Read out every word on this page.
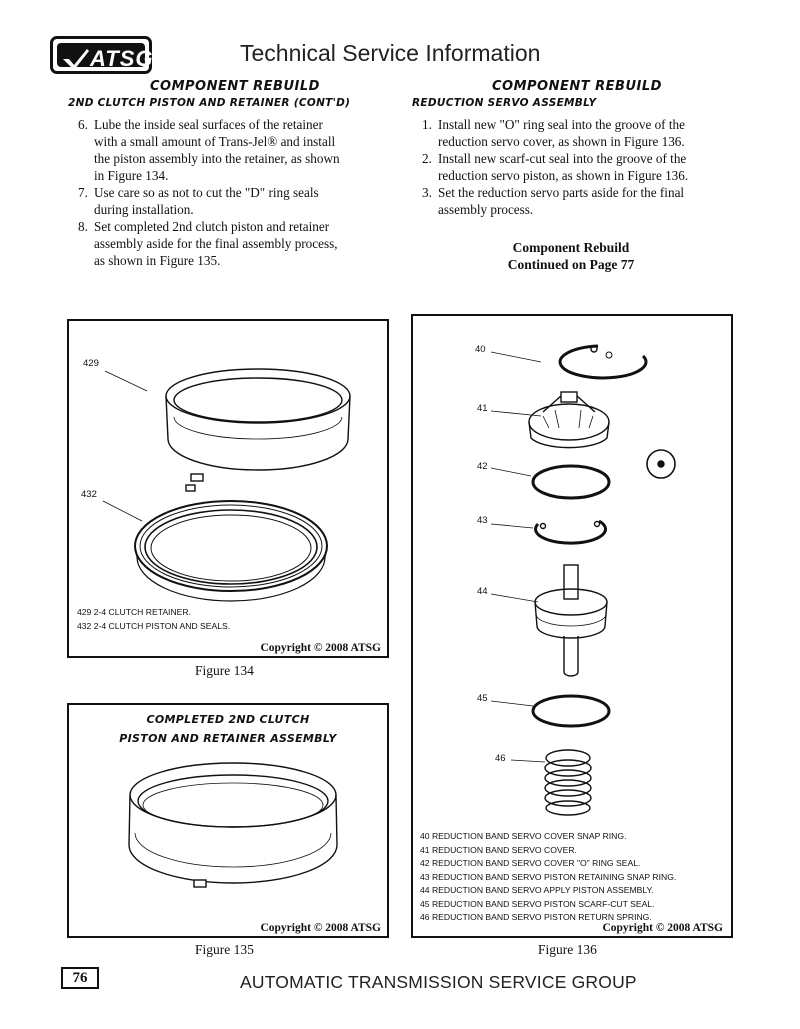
ATSG	Technical Service Information
COMPONENT REBUILD
2ND CLUTCH PISTON AND RETAINER (CONT'D)
6. Lube the inside seal surfaces of the retainer
with a small amount of Trans-Jel® and install
the piston assembly into the retainer, as shown
in Figure 134.
7. Use care so as not to cut the "D" ring seals
during installation.
8. Set completed 2nd clutch piston and retainer
assembly aside for the final assembly process,
as shown in Figure 135.
COMPONENT REBUILD
REDUCTION SERVO ASSEMBLY
1. Install new "O" ring seal into the groove of the
reduction servo cover, as shown in Figure 136.
2. Install new scarf-cut seal into the groove of the
reduction servo piston, as shown in Figure 136.
3. Set the reduction servo parts aside for the final
assembly process.
Component Rebuild
Continued on Page 77
429
432
429 2-4 CLUTCH RETAINER.
432 2-4 CLUTCH PISTON AND SEALS.
Copyright © 2008 ATSG
Figure 134
COMPLETED 2ND CLUTCH
PISTON AND RETAINER ASSEMBLY
Copyright © 2008 ATSG
Figure 135
40
41
42
43
44
45
46
40 REDUCTION BAND SERVO COVER SNAP RING.
41 REDUCTION BAND SERVO COVER.
42 REDUCTION BAND SERVO COVER "O" RING SEAL.
43 REDUCTION BAND SERVO PISTON RETAINING SNAP RING.
44 REDUCTION BAND SERVO APPLY PISTON ASSEMBLY.
45 REDUCTION BAND SERVO PISTON SCARF-CUT SEAL.
46 REDUCTION BAND SERVO PISTON RETURN SPRING.
Copyright © 2008 ATSG
Figure 136
76	AUTOMATIC TRANSMISSION SERVICE GROUP
